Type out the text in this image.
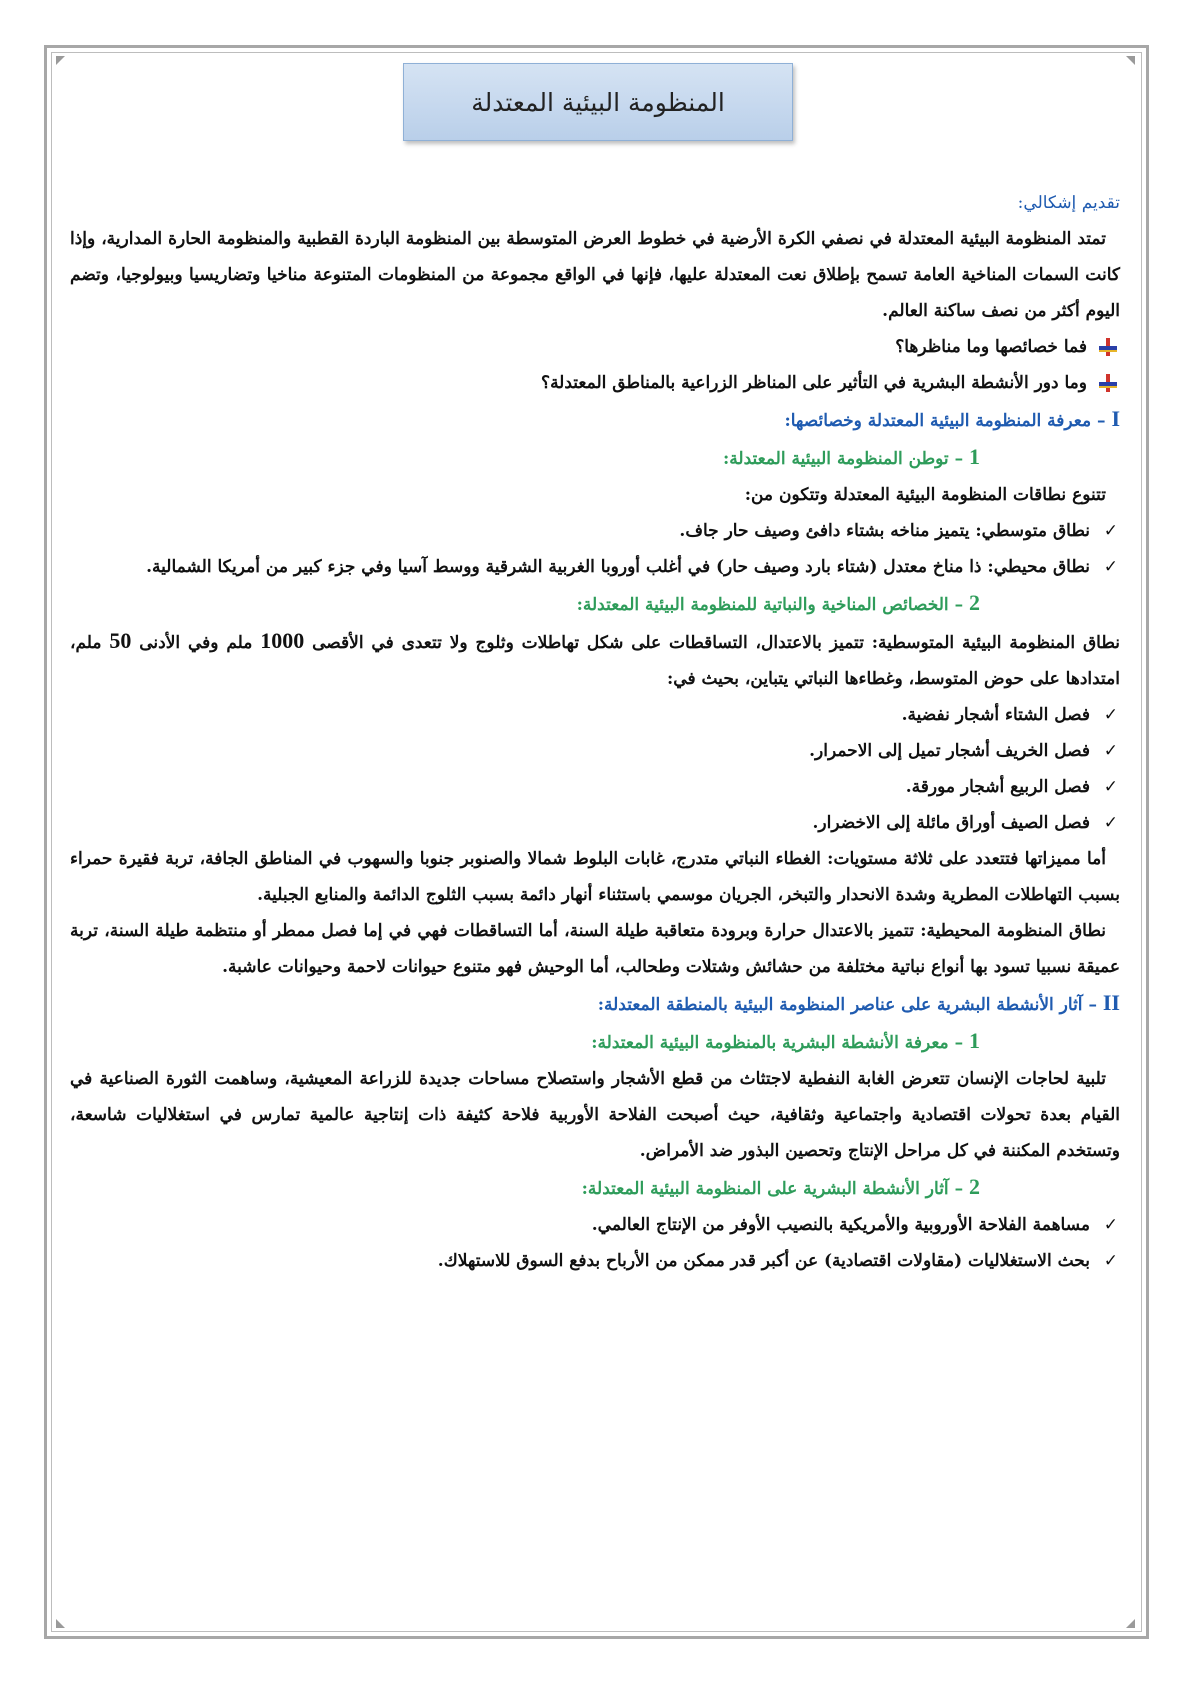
المنظومة البيئية المعتدلة

تقديم إشكالي:

تمتد المنظومة البيئية المعتدلة في نصفي الكرة الأرضية في خطوط العرض المتوسطة بين المنظومة الباردة القطبية والمنظومة الحارة المدارية، وإذا كانت السمات المناخية العامة تسمح بإطلاق نعت المعتدلة عليها، فإنها في الواقع مجموعة من المنظومات المتنوعة مناخيا وتضاريسيا وبيولوجيا، وتضم اليوم أكثر من نصف ساكنة العالم.

فما خصائصها وما مناظرها؟

وما دور الأنشطة البشرية في التأثير على المناظر الزراعية بالمناطق المعتدلة؟

I – معرفة المنظومة البيئية المعتدلة وخصائصها:

1 – توطن المنظومة البيئية المعتدلة:

تتنوع نطاقات المنظومة البيئية المعتدلة وتتكون من:

✓نطاق متوسطي: يتميز مناخه بشتاء دافئ وصيف حار جاف.

✓نطاق محيطي: ذا مناخ معتدل (شتاء بارد وصيف حار) في أغلب أوروبا الغربية الشرقية ووسط آسيا وفي جزء كبير من أمريكا الشمالية.

2 – الخصائص المناخية والنباتية للمنظومة البيئية المعتدلة:

نطاق المنظومة البيئية المتوسطية: تتميز بالاعتدال، التساقطات على شكل تهاطلات وثلوج ولا تتعدى في الأقصى 1000 ملم وفي الأدنى 50 ملم، امتدادها على حوض المتوسط، وغطاءها النباتي يتباين، بحيث في:

✓فصل الشتاء أشجار نفضية.

✓فصل الخريف أشجار تميل إلى الاحمرار.

✓فصل الربيع أشجار مورقة.

✓فصل الصيف أوراق مائلة إلى الاخضرار.

أما مميزاتها فتتعدد على ثلاثة مستويات: الغطاء النباتي متدرج، غابات البلوط شمالا والصنوبر جنوبا والسهوب في المناطق الجافة، تربة فقيرة حمراء بسبب التهاطلات المطرية وشدة الانحدار والتبخر، الجريان موسمي باستثناء أنهار دائمة بسبب الثلوج الدائمة والمنابع الجبلية.

نطاق المنظومة المحيطية: تتميز بالاعتدال حرارة وبرودة متعاقبة طيلة السنة، أما التساقطات فهي في إما فصل ممطر أو منتظمة طيلة السنة، تربة عميقة نسبيا تسود بها أنواع نباتية مختلفة من حشائش وشتلات وطحالب، أما الوحيش فهو متنوع حيوانات لاحمة وحيوانات عاشبة.

II – آثار الأنشطة البشرية على عناصر المنظومة البيئية بالمنطقة المعتدلة:

1 – معرفة الأنشطة البشرية بالمنظومة البيئية المعتدلة:

تلبية لحاجات الإنسان تتعرض الغابة النفطية لاجتثاث من قطع الأشجار واستصلاح مساحات جديدة للزراعة المعيشية، وساهمت الثورة الصناعية في القيام بعدة تحولات اقتصادية واجتماعية وثقافية، حيث أصبحت الفلاحة الأوربية فلاحة كثيفة ذات إنتاجية عالمية تمارس في استغلاليات شاسعة، وتستخدم المكننة في كل مراحل الإنتاج وتحصين البذور ضد الأمراض.

2 – آثار الأنشطة البشرية على المنظومة البيئية المعتدلة:

✓مساهمة الفلاحة الأوروبية والأمريكية بالنصيب الأوفر من الإنتاج العالمي.

✓بحث الاستغلاليات (مقاولات اقتصادية) عن أكبر قدر ممكن من الأرباح بدفع السوق للاستهلاك.
